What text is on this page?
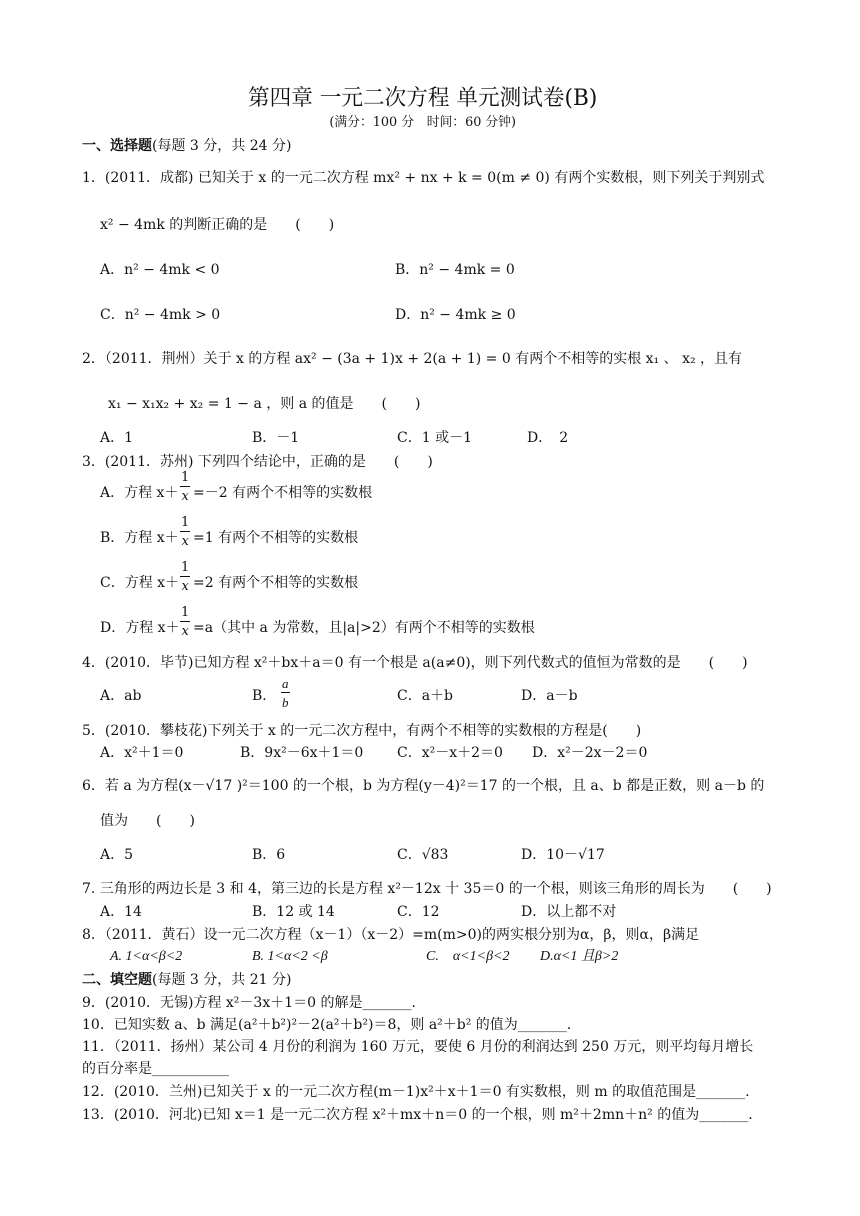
第四章 一元二次方程 单元测试卷(B)
(满分：100 分　时间：60 分钟)
一、选择题(每题 3 分，共 24 分)
1．(2011．成都) 已知关于 x 的一元二次方程 mx² + nx + k = 0(m ≠ 0) 有两个实数根，则下列关于判别式
x² − 4mk 的判断正确的是　　(　　)
A．n² − 4mk < 0	B．n² − 4mk = 0
C．n² − 4mk > 0	D．n² − 4mk ≥ 0
2．（2011．荆州）关于 x 的方程 ax² − (3a + 1)x + 2(a + 1) = 0 有两个不相等的实根 x₁ 、 x₂ ，且有
x₁ − x₁x₂ + x₂ = 1 − a ，则 a 的值是　　(　　)
A．1	B．－1	C．1 或－1	D．　2
3．(2011．苏州) 下列四个结论中，正确的是　　(　　)
A．方程 $x+ \frac{1}{x} =-2$ 有两个不相等的实数根
B．方程 $x+ \frac{1}{x} =1$ 有两个不相等的实数根
C．方程 $x+ \frac{1}{x} =2$ 有两个不相等的实数根
D．方程 $x+ \frac{1}{x} =a$（其中 a 为常数，且|a|>2）有两个不相等的实数根
4．(2010．毕节)已知方程 x²＋bx＋a＝0 有一个根是 a(a≠0)，则下列代数式的值恒为常数的是　　(　　)
A．ab	B． $\frac{a}{b}$	C．a＋b	D．a－b
5．(2010．攀枝花)下列关于 x 的一元二次方程中，有两个不相等的实数根的方程是(　　)
A．x²＋1＝0	B．9x²－6x＋1＝0 C．x²－x＋2＝0 D．x²－2x－2＝0
6．若 a 为方程(x－√17 )²＝100 的一个根，b 为方程(y－4)²＝17 的一个根，且 a、b 都是正数，则 a－b 的
值为　　(　　)
A．5	B．6	C．√83	D．10－√17
7. 三角形的两边长是 3 和 4，第三边的长是方程 x²－12x 十 35＝0 的一个根，则该三角形的周长为　　(　　)
A．14	B．12 或 14	C．12	D．以上都不对
8．（2011．黄石）设一元二次方程（x－1）（x－2）=m(m>0)的两实根分别为α，β，则α，β满足
A. 1<α<β<2	B. 1<α<2 <β	C.　α<1<β<2 D.α<1 且β>2
二、填空题(每题 3 分，共 21 分)
9．(2010．无锡)方程 x²－3x＋1＝0 的解是_______.
10．已知实数 a、b 满足(a²＋b²)²－2(a²＋b²)＝8，则 a²＋b² 的值为_______.
11．（2011．扬州）某公司 4 月份的利润为 160 万元，要使 6 月份的利润达到 250 万元，则平均每月增长
的百分率是___________
12．(2010．兰州)已知关于 x 的一元二次方程(m－1)x²＋x＋1＝0 有实数根，则 m 的取值范围是_______.
13．(2010．河北)已知 x＝1 是一元二次方程 x²＋mx＋n＝0 的一个根，则 m²＋2mn＋n² 的值为_______.
